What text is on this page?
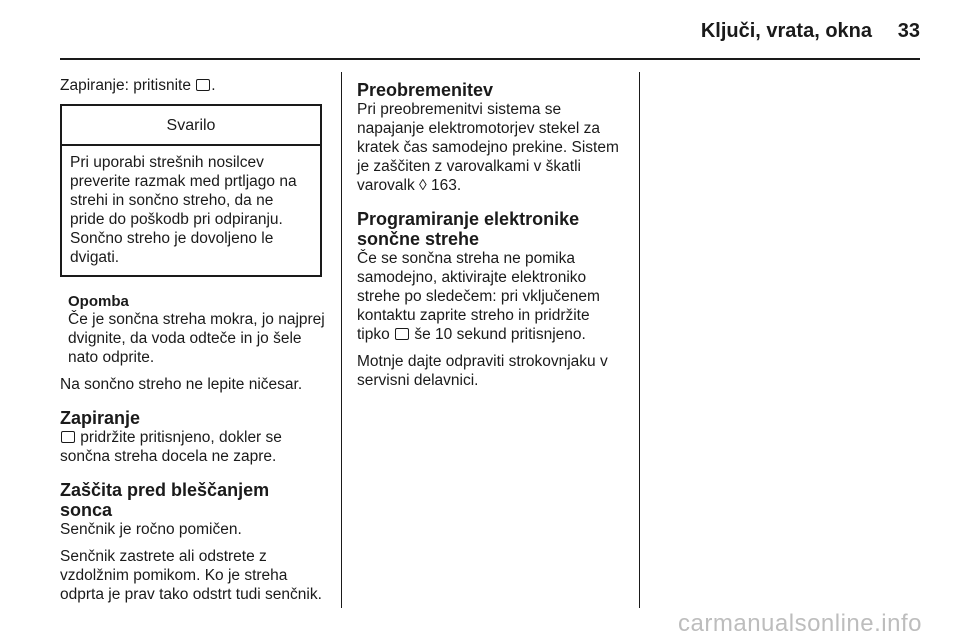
Ključi, vrata, okna 33

Zapiranje: pritisnite .

Svarilo
Pri uporabi strešnih nosilcev preverite razmak med prtljago na strehi in sončno streho, da ne pride do poškodb pri odpiranju. Sončno streho je dovoljeno le dvigati.
Opomba
Če je sončna streha mokra, jo najprej dvignite, da voda odteče in jo šele nato odprite.

Na sončno streho ne lepite ničesar.

Zapiranje

pridržite pritisnjeno, dokler se sončna streha docela ne zapre.

Zaščita pred bleščanjem sonca

Senčnik je ročno pomičen.

Senčnik zastrete ali odstrete z vzdolžnim pomikom. Ko je streha odprta je prav tako odstrt tudi senčnik.

Preobremenitev

Pri preobremenitvi sistema se napajanje elektromotorjev stekel za kratek čas samodejno prekine. Sistem je zaščiten z varovalkami v škatli varovalk ◊ 163.

Programiranje elektronike sončne strehe

Če se sončna streha ne pomika samodejno, aktivirajte elektroniko strehe po sledečem: pri vključenem kontaktu zaprite streho in pridržite tipko še 10 sekund pritisnjeno.

Motnje dajte odpraviti strokovnjaku v servisni delavnici.

carmanualsonline.info
